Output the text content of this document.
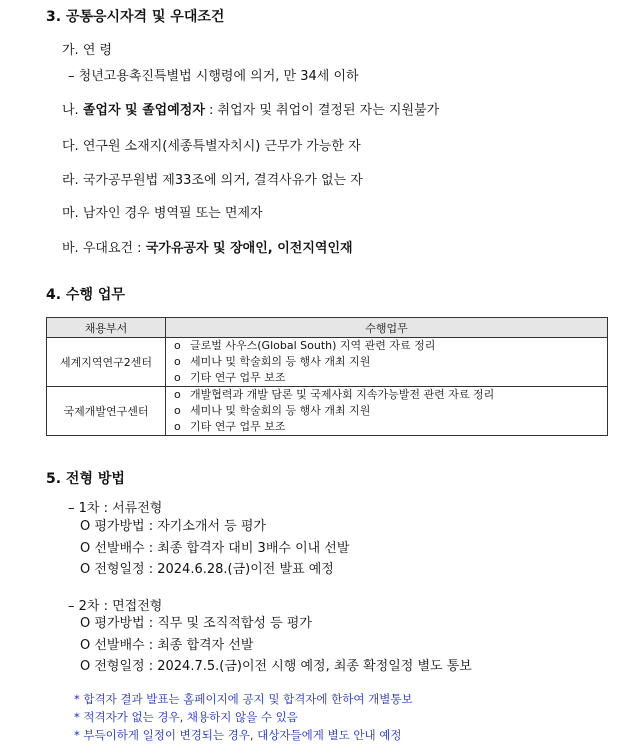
3. 공통응시자격 및 우대조건
가. 연 령
– 청년고용촉진특별법 시행령에 의거, 만 34세 이하
나. 졸업자 및 졸업예정자 : 취업자 및 취업이 결정된 자는 지원불가
다. 연구원 소재지(세종특별자치시) 근무가 가능한 자
라. 국가공무원법 제33조에 의거, 결격사유가 없는 자
마. 남자인 경우 병역필 또는 면제자
바. 우대요건 : 국가유공자 및 장애인, 이전지역인재
4. 수행 업무
채용부서	수행업무
세계지역연구2센터	o 글로벌 사우스(Global South) 지역 관련 자료 정리
o 세미나 및 학술회의 등 행사 개최 지원
o 기타 연구 업무 보조

국제개발연구센터	o 개발협력과 개발 담론 및 국제사회 지속가능발전 관련 자료 정리
o 세미나 및 학술회의 등 행사 개최 지원
o 기타 연구 업무 보조
5. 전형 방법
– 1차 : 서류전형
O 평가방법 : 자기소개서 등 평가
O 선발배수 : 최종 합격자 대비 3배수 이내 선발
O 전형일정 : 2024.6.28.(금)이전 발표 예정
– 2차 : 면접전형
O 평가방법 : 직무 및 조직적합성 등 평가
O 선발배수 : 최종 합격자 선발
O 전형일정 : 2024.7.5.(금)이전 시행 예정, 최종 확정일정 별도 통보
* 합격자 결과 발표는 홈페이지에 공지 및 합격자에 한하여 개별통보
* 적격자가 없는 경우, 채용하지 않을 수 있음
* 부득이하게 일정이 변경되는 경우, 대상자들에게 별도 안내 예정
